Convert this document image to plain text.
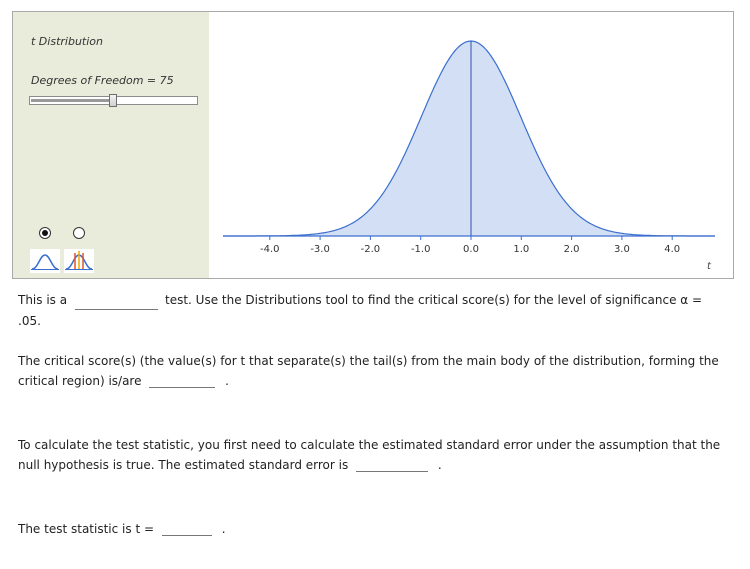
t Distribution
Degrees of Freedom = 75
-4.0	-3.0	-2.0	-1.0	0.0	1.0	2.0	3.0	4.0
t
This is a	test. Use the Distributions tool to find the critical score(s) for the level of significance α =
.05.
The critical score(s) (the value(s) for t that separate(s) the tail(s) from the main body of the distribution, forming the critical region) is/are	.
To calculate the test statistic, you first need to calculate the estimated standard error under the assumption that the null hypothesis is true. The estimated standard error is	.
The test statistic is t =	.
